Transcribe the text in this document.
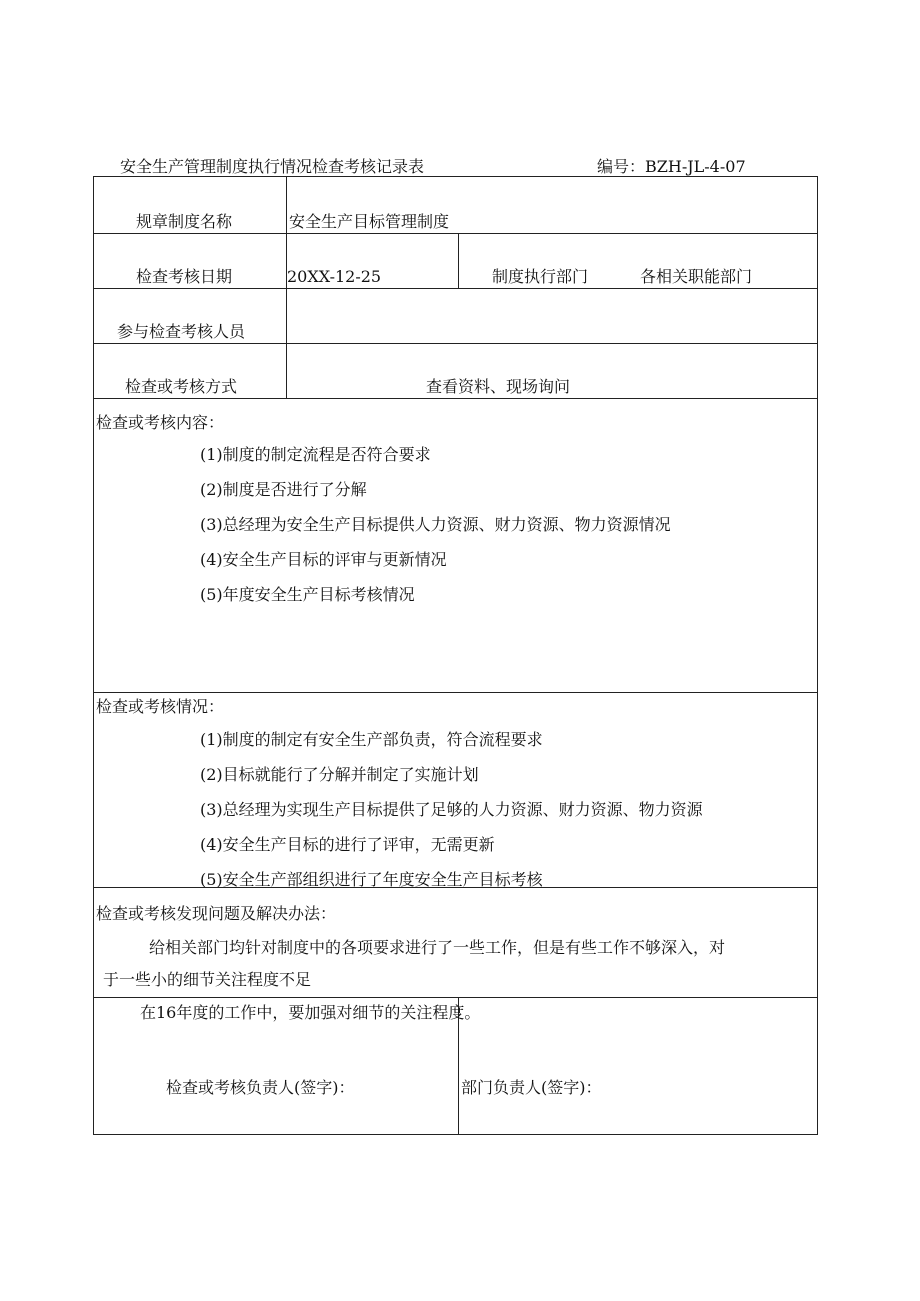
安全生产管理制度执行情况检查考核记录表	编号：BZH-JL-4-07
规章制度名称	安全生产目标管理制度
检查考核日期	20XX-12-25	制度执行部门	各相关职能部门
参与检查考核人员
检查或考核方式	查看资料、现场询问
检查或考核内容：
(1)制度的制定流程是否符合要求
(2)制度是否进行了分解
(3)总经理为安全生产目标提供人力资源、财力资源、物力资源情况
(4)安全生产目标的评审与更新情况
(5)年度安全生产目标考核情况
检查或考核情况：
(1)制度的制定有安全生产部负责，符合流程要求
(2)目标就能行了分解并制定了实施计划
(3)总经理为实现生产目标提供了足够的人力资源、财力资源、物力资源
(4)安全生产目标的进行了评审，无需更新
(5)安全生产部组织进行了年度安全生产目标考核
检查或考核发现问题及解决办法：
给相关部门均针对制度中的各项要求进行了一些工作，但是有些工作不够深入，对
于一些小的细节关注程度不足
在16年度的工作中，要加强对细节的关注程度。
检查或考核负责人(签字)：	部门负责人(签字)：
